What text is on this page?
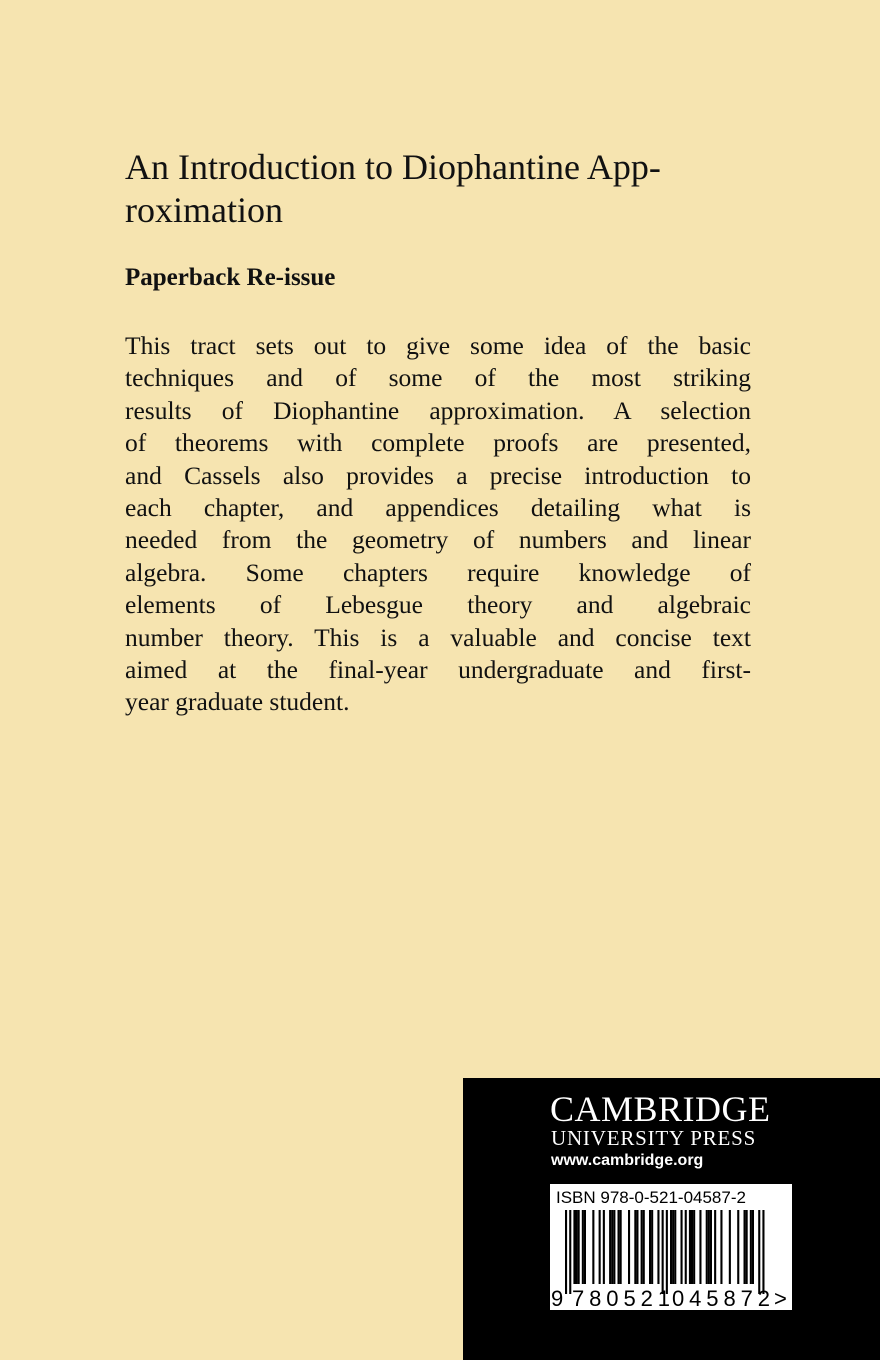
An Introduction to Diophantine App-
roximation

Paperback Re-issue

This tract sets out to give some idea of the basic
techniques and of some of the most striking
results of Diophantine approximation. A selection
of theorems with complete proofs are presented,
and Cassels also provides a precise introduction to
each chapter, and appendices detailing what is
needed from the geometry of numbers and linear
algebra. Some chapters require knowledge of
elements of Lebesgue theory and algebraic
number theory. This is a valuable and concise text
aimed at the final-year undergraduate and first-
year graduate student.

CAMBRIDGE

UNIVERSITY PRESS

www.cambridge.org

ISBN 978-0-521-04587-2

9 780521 045872 >
